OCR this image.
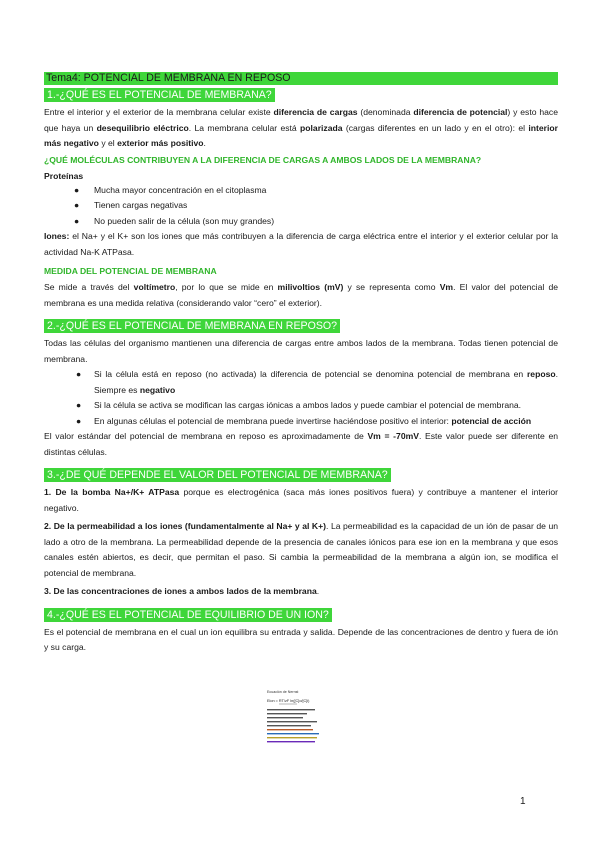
Tema4: POTENCIAL DE MEMBRANA EN REPOSO
1.-¿QUÉ ES EL POTENCIAL DE MEMBRANA?

Entre el interior y el exterior de la membrana celular existe diferencia de cargas (denominada diferencia de potencial) y esto hace que haya un desequilibrio eléctrico. La membrana celular está polarizada (cargas diferentes en un lado y en el otro): el interior más negativo y el exterior más positivo.

¿QUÉ MOLÉCULAS CONTRIBUYEN A LA DIFERENCIA DE CARGAS A AMBOS LADOS DE LA MEMBRANA?
Proteínas
● Mucha mayor concentración en el citoplasma
● Tienen cargas negativas
● No pueden salir de la célula (son muy grandes)

Iones: el Na+ y el K+ son los iones que más contribuyen a la diferencia de carga eléctrica entre el interior y el exterior celular por la actividad Na-K ATPasa.

MEDIDA DEL POTENCIAL DE MEMBRANA

Se mide a través del voltímetro, por lo que se mide en milivoltios (mV) y se representa como Vm. El valor del potencial de membrana es una medida relativa (considerando valor “cero” el exterior).

2.-¿QUÉ ES EL POTENCIAL DE MEMBRANA EN REPOSO?

Todas las células del organismo mantienen una diferencia de cargas entre ambos lados de la membrana. Todas tienen potencial de membrana.

● Si la célula está en reposo (no activada) la diferencia de potencial se denomina potencial de membrana en reposo. Siempre es negativo
● Si la célula se activa se modifican las cargas iónicas a ambos lados y puede cambiar el potencial de membrana.
● En algunas células el potencial de membrana puede invertirse haciéndose positivo el interior: potencial de acción

El valor estándar del potencial de membrana en reposo es aproximadamente de Vm = -70mV. Este valor puede ser diferente en distintas células.

3.-¿DE QUÉ DEPENDE EL VALOR DEL POTENCIAL DE MEMBRANA?

1. De la bomba Na+/K+ ATPasa porque es electrogénica (saca más iones positivos fuera) y contribuye a mantener el interior negativo.

2. De la permeabilidad a los iones (fundamentalmente al Na+ y al K+). La permeabilidad es la capacidad de un ión de pasar de un lado a otro de la membrana. La permeabilidad depende de la presencia de canales iónicos para ese ion en la membrana y que esos canales estén abiertos, es decir, que permitan el paso. Si cambia la permeabilidad de la membrana a algún ion, se modifica el potencial de membrana.

3. De las concentraciones de iones a ambos lados de la membrana.

4.-¿QUÉ ES EL POTENCIAL DE EQUILIBRIO DE UN ION?

Es el potencial de membrana en el cual un ion equilibra su entrada y salida. Depende de las concentraciones de dentro y fuera de ión y su carga.

Ecuación de Nernst
Eion = RT/zF ln([C]o/[C]i)
1
